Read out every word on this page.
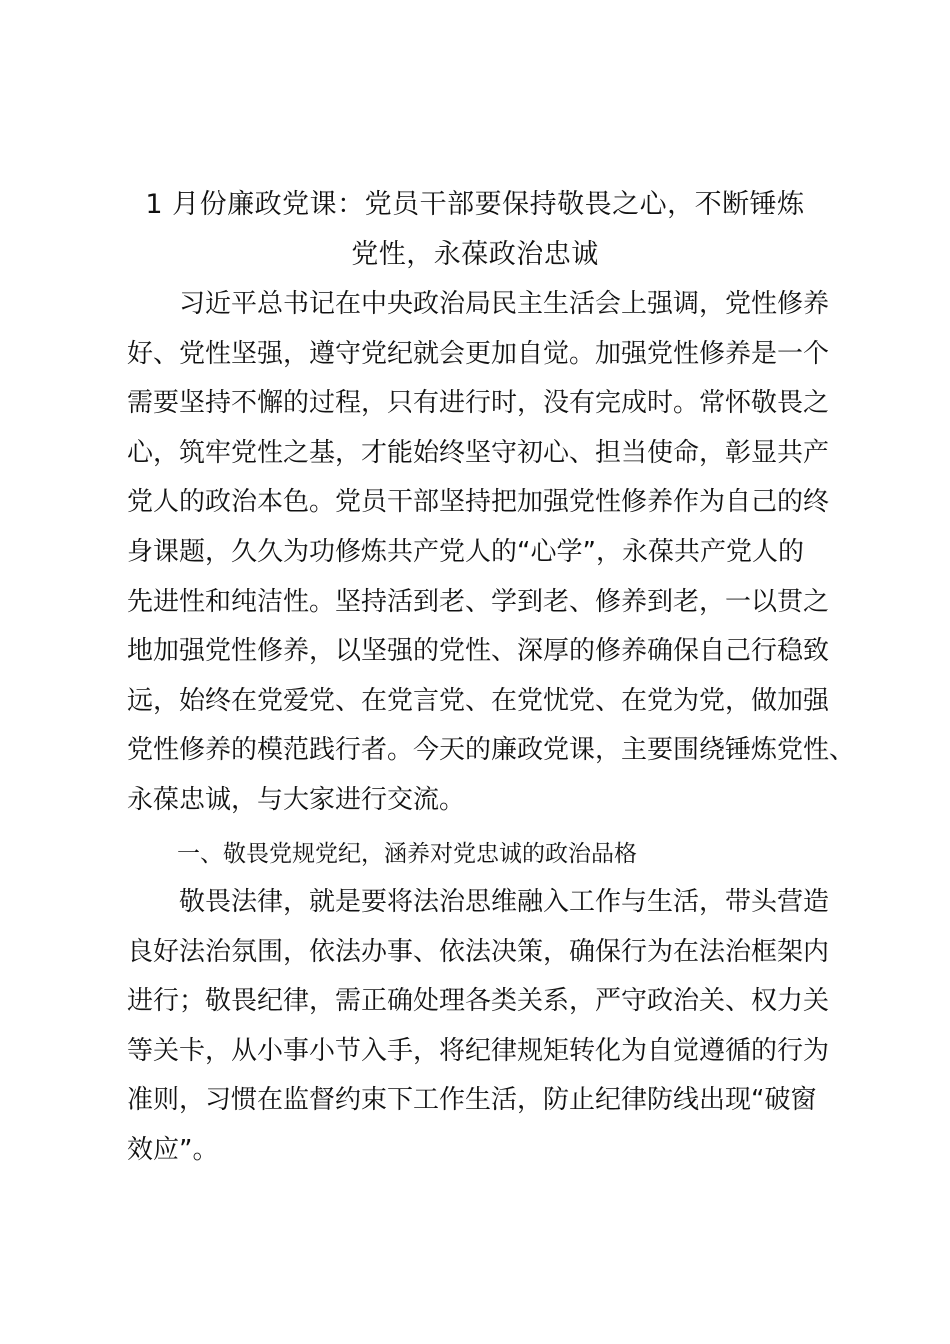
1 月份廉政党课：党员干部要保持敬畏之心，不断锤炼
党性，永葆政治忠诚
　　习近平总书记在中央政治局民主生活会上强调，党性修养
好、党性坚强，遵守党纪就会更加自觉。加强党性修养是一个
需要坚持不懈的过程，只有进行时，没有完成时。常怀敬畏之
心，筑牢党性之基，才能始终坚守初心、担当使命，彰显共产
党人的政治本色。党员干部坚持把加强党性修养作为自己的终
身课题，久久为功修炼共产党人的“心学”，永葆共产党人的
先进性和纯洁性。坚持活到老、学到老、修养到老，一以贯之
地加强党性修养，以坚强的党性、深厚的修养确保自己行稳致
远，始终在党爱党、在党言党、在党忧党、在党为党，做加强
党性修养的模范践行者。今天的廉政党课，主要围绕锤炼党性、
永葆忠诚，与大家进行交流。
一、敬畏党规党纪，涵养对党忠诚的政治品格
　　敬畏法律，就是要将法治思维融入工作与生活，带头营造
良好法治氛围，依法办事、依法决策，确保行为在法治框架内
进行；敬畏纪律，需正确处理各类关系，严守政治关、权力关
等关卡，从小事小节入手，将纪律规矩转化为自觉遵循的行为
准则，习惯在监督约束下工作生活，防止纪律防线出现“破窗
效应”。
